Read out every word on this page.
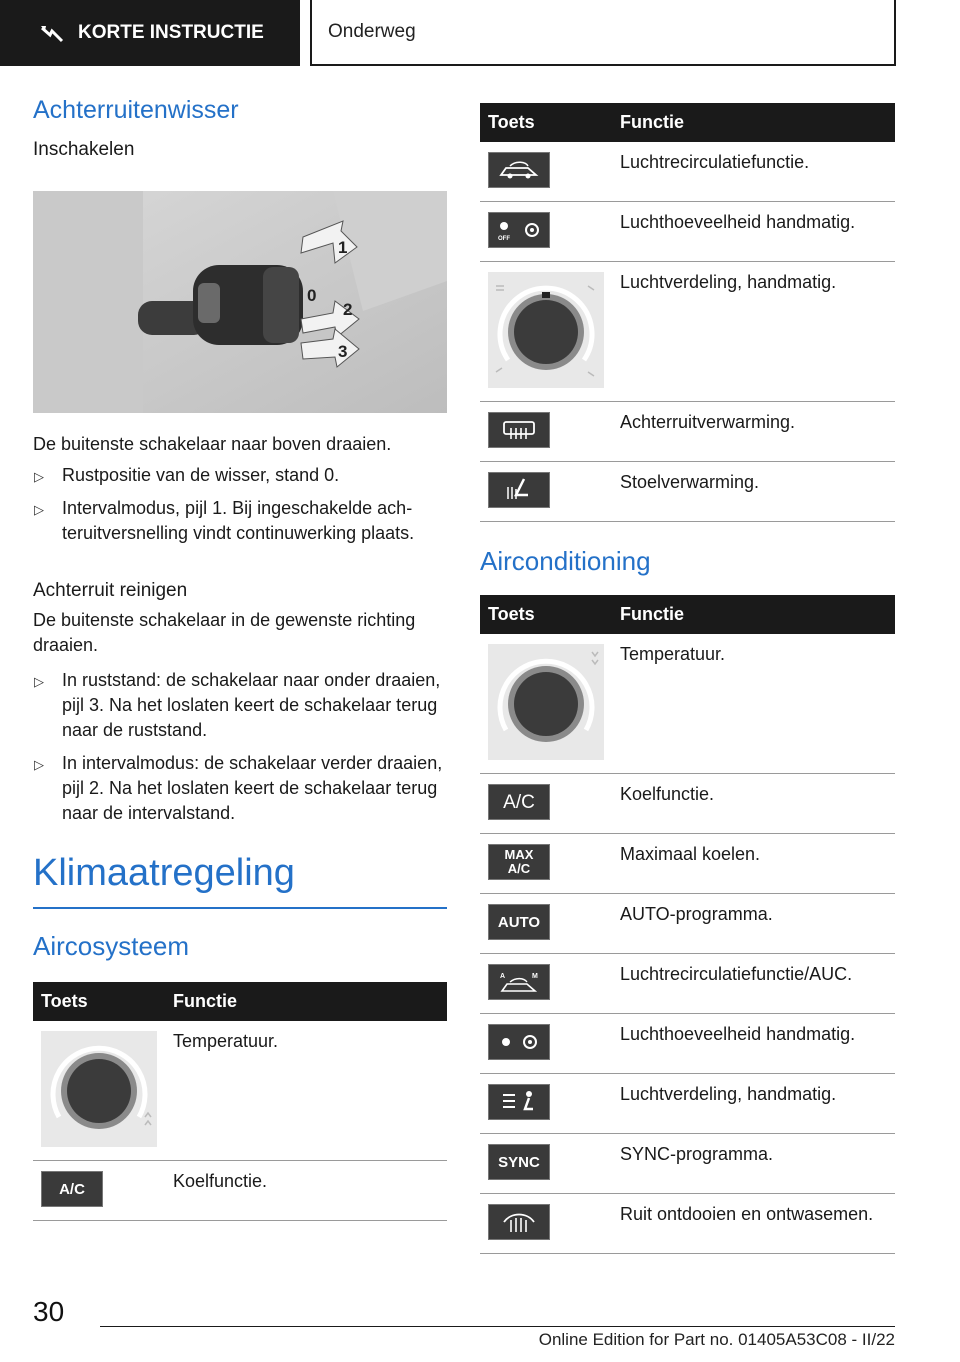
KORTE INSTRUCTIE	Onderweg
Achterruitenwisser
Inschakelen
1
0
2
3

De buitenste schakelaar naar boven draaien.

▷ Rustpositie van de wisser, stand 0.
▷ Intervalmodus, pijl 1. Bij ingeschakelde achteruitversnelling vindt continuwerking plaats.
Achterruit reinigen

De buitenste schakelaar in de gewenste richting draaien.

▷ In ruststand: de schakelaar naar onder draaien, pijl 3. Na het loslaten keert de schakelaar terug naar de ruststand.
▷ In intervalmodus: de schakelaar verder draaien, pijl 2. Na het loslaten keert de schakelaar terug naar de intervalstand.
Klimaatregeling
Aircosysteem
Toets	Functie

	Temperatuur.

A/C	Koelfunctie.
Toets	Functie

	Luchtrecirculatiefunctie.

OFF	Luchthoeveelheid handmatig.

	Luchtverdeling, handmatig.

	Achterruitverwarming.

	Stoelverwarming.
Airconditioning
Toets	Functie

	Temperatuur.

A/C	Koelfunctie.

MAX
A/C	Maximaal koelen.

AUTO	AUTO-programma.

A M	Luchtrecirculatiefunctie/AUC.

	Luchthoeveelheid handmatig.

	Luchtverdeling, handmatig.

SYNC	SYNC-programma.

	Ruit ontdooien en ontwasemen.
30
Online Edition for Part no. 01405A53C08 - II/22
